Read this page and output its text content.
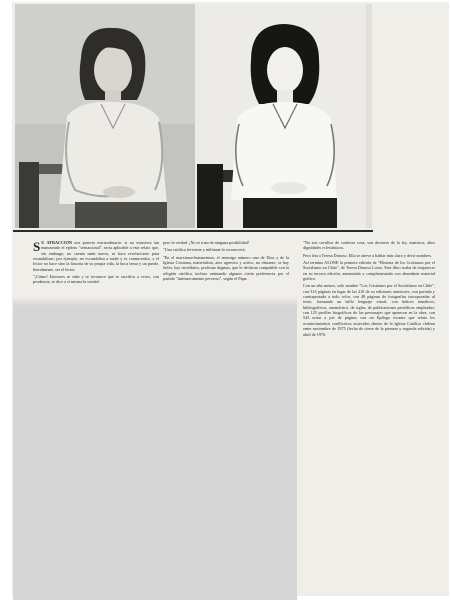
S U ATRACCION nos parecía extraordinario: si no estuviera tan manoseado el epíteto "sensacional", sería aplicable a este relato que, sin embargo, no cuenta nada nuevo, ni hace revelaciones para escandalizar; por ejemplo, no escandaliza a nadie y es conmovedor, y el lector no hace sino la historia de su propia vida, la boca tensa y un puede, literalmente, ser el lector.

"¡Cómo! Entonces se sabe y se reconoce que se sacrifica a veces, con prudencia, se dice a sí misma la verdad.

pero la verdad. ¡No se trata de ninguna posibilidad!

"Una católica ferviente y militante lo reconocerá.

"En el marxismo-humanismo, el enemigo número uno de Dios y de la Iglesia Cristiana, materialista, ateo agresivo y activo, no obstante, se hay fieles, hay incrédulos, profesan dogmas, que le declaran compatible con la religión católica, incluso animando algunos cierta preferencia por el partido "intrínsecamente perverso", según el Papa.

"No son corrillos de confesar cosa, son doctores de la ley, maestros, altos dignidades eclesiásticos.

Pero leia a Teresa Donoso. Ella se atreve a hablar más claro y decir nombres.

Así termina ALONE la primera edición de "Historia de los Cristianos por el Socialismo en Chile", de Teresa Donoso Loero. Este libro acaba de reaparecer en su tercera edición, aumentada y complementada con abundante material gráfico.

Con un año menos, solo nombre "Los Cristianos por el Socialismo en Chile", con 314 páginas en lugar de las 210 de su ediciones anteriores, con portada y contraportada a todo color, con 48 páginas de fotografías incorporadas al texto, formando un bello lenguaje visual, con índices temáticos, bibliográficos, onomástico, de siglas, de publicaciones periódicas empleadas; con 125 perfiles biográficos de los personajes que aparecen en la obra; con 543 notas a pie de página; con un Epílogo tocante que relata los acontecimientos conflictivos acaecidos dentro de la Iglesia Católica chilena entre noviembre de 1975 (fecha de cierre de la primera y segunda edición) y abril de 1976.
